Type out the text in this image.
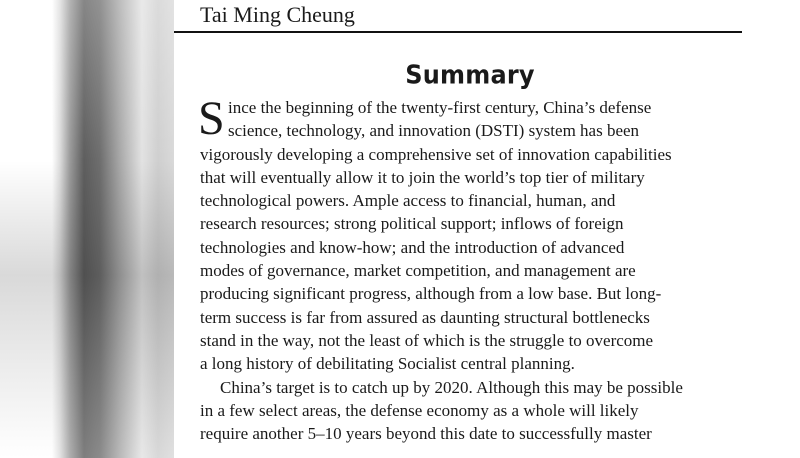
Tai Ming Cheung
Summary
S ince the beginning of the twenty-first century, China’s defense
science, technology, and innovation (DSTI) system has been
vigorously developing a comprehensive set of innovation capabilities
that will eventually allow it to join the world’s top tier of military
technological powers. Ample access to financial, human, and
research resources; strong political support; inflows of foreign
technologies and know-how; and the introduction of advanced
modes of governance, market competition, and management are
producing significant progress, although from a low base. But long-
term success is far from assured as daunting structural bottlenecks
stand in the way, not the least of which is the struggle to overcome
a long history of debilitating Socialist central planning.
China’s target is to catch up by 2020. Although this may be possible
in a few select areas, the defense economy as a whole will likely
require another 5–10 years beyond this date to successfully master
